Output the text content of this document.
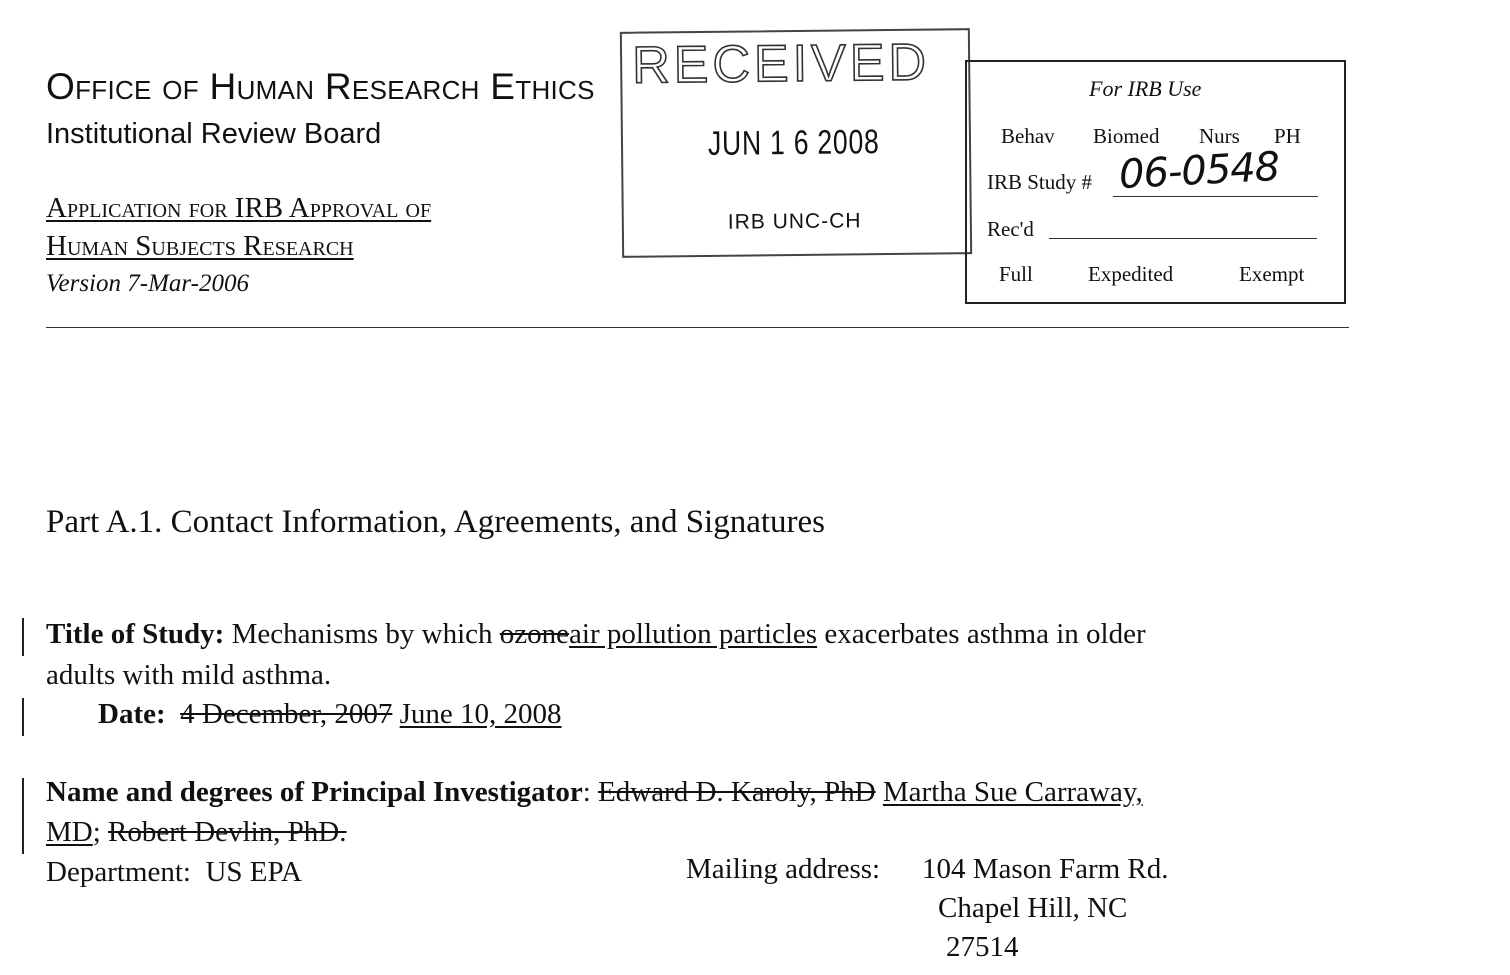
Office of Human Research Ethics
Institutional Review Board
Application for IRB Approval of
Human Subjects Research
Version 7-Mar-2006
RECEIVED
JUN 1 6 2008
IRB UNC-CH
For IRB Use
Behav Biomed Nurs PH
IRB Study # 06-0548
Rec'd
Full	Expedited	Exempt
Part A.1. Contact Information, Agreements, and Signatures
Title of Study: Mechanisms by which ozoneair pollution particles exacerbates asthma in older
adults with mild asthma.
Date: 4 December, 2007 June 10, 2008
Name and degrees of Principal Investigator: Edward D. Karoly, PhD Martha Sue Carraway,
MD; Robert Devlin, PhD.
Department: US EPA	Mailing address: 104 Mason Farm Rd.
Chapel Hill, NC
27514
